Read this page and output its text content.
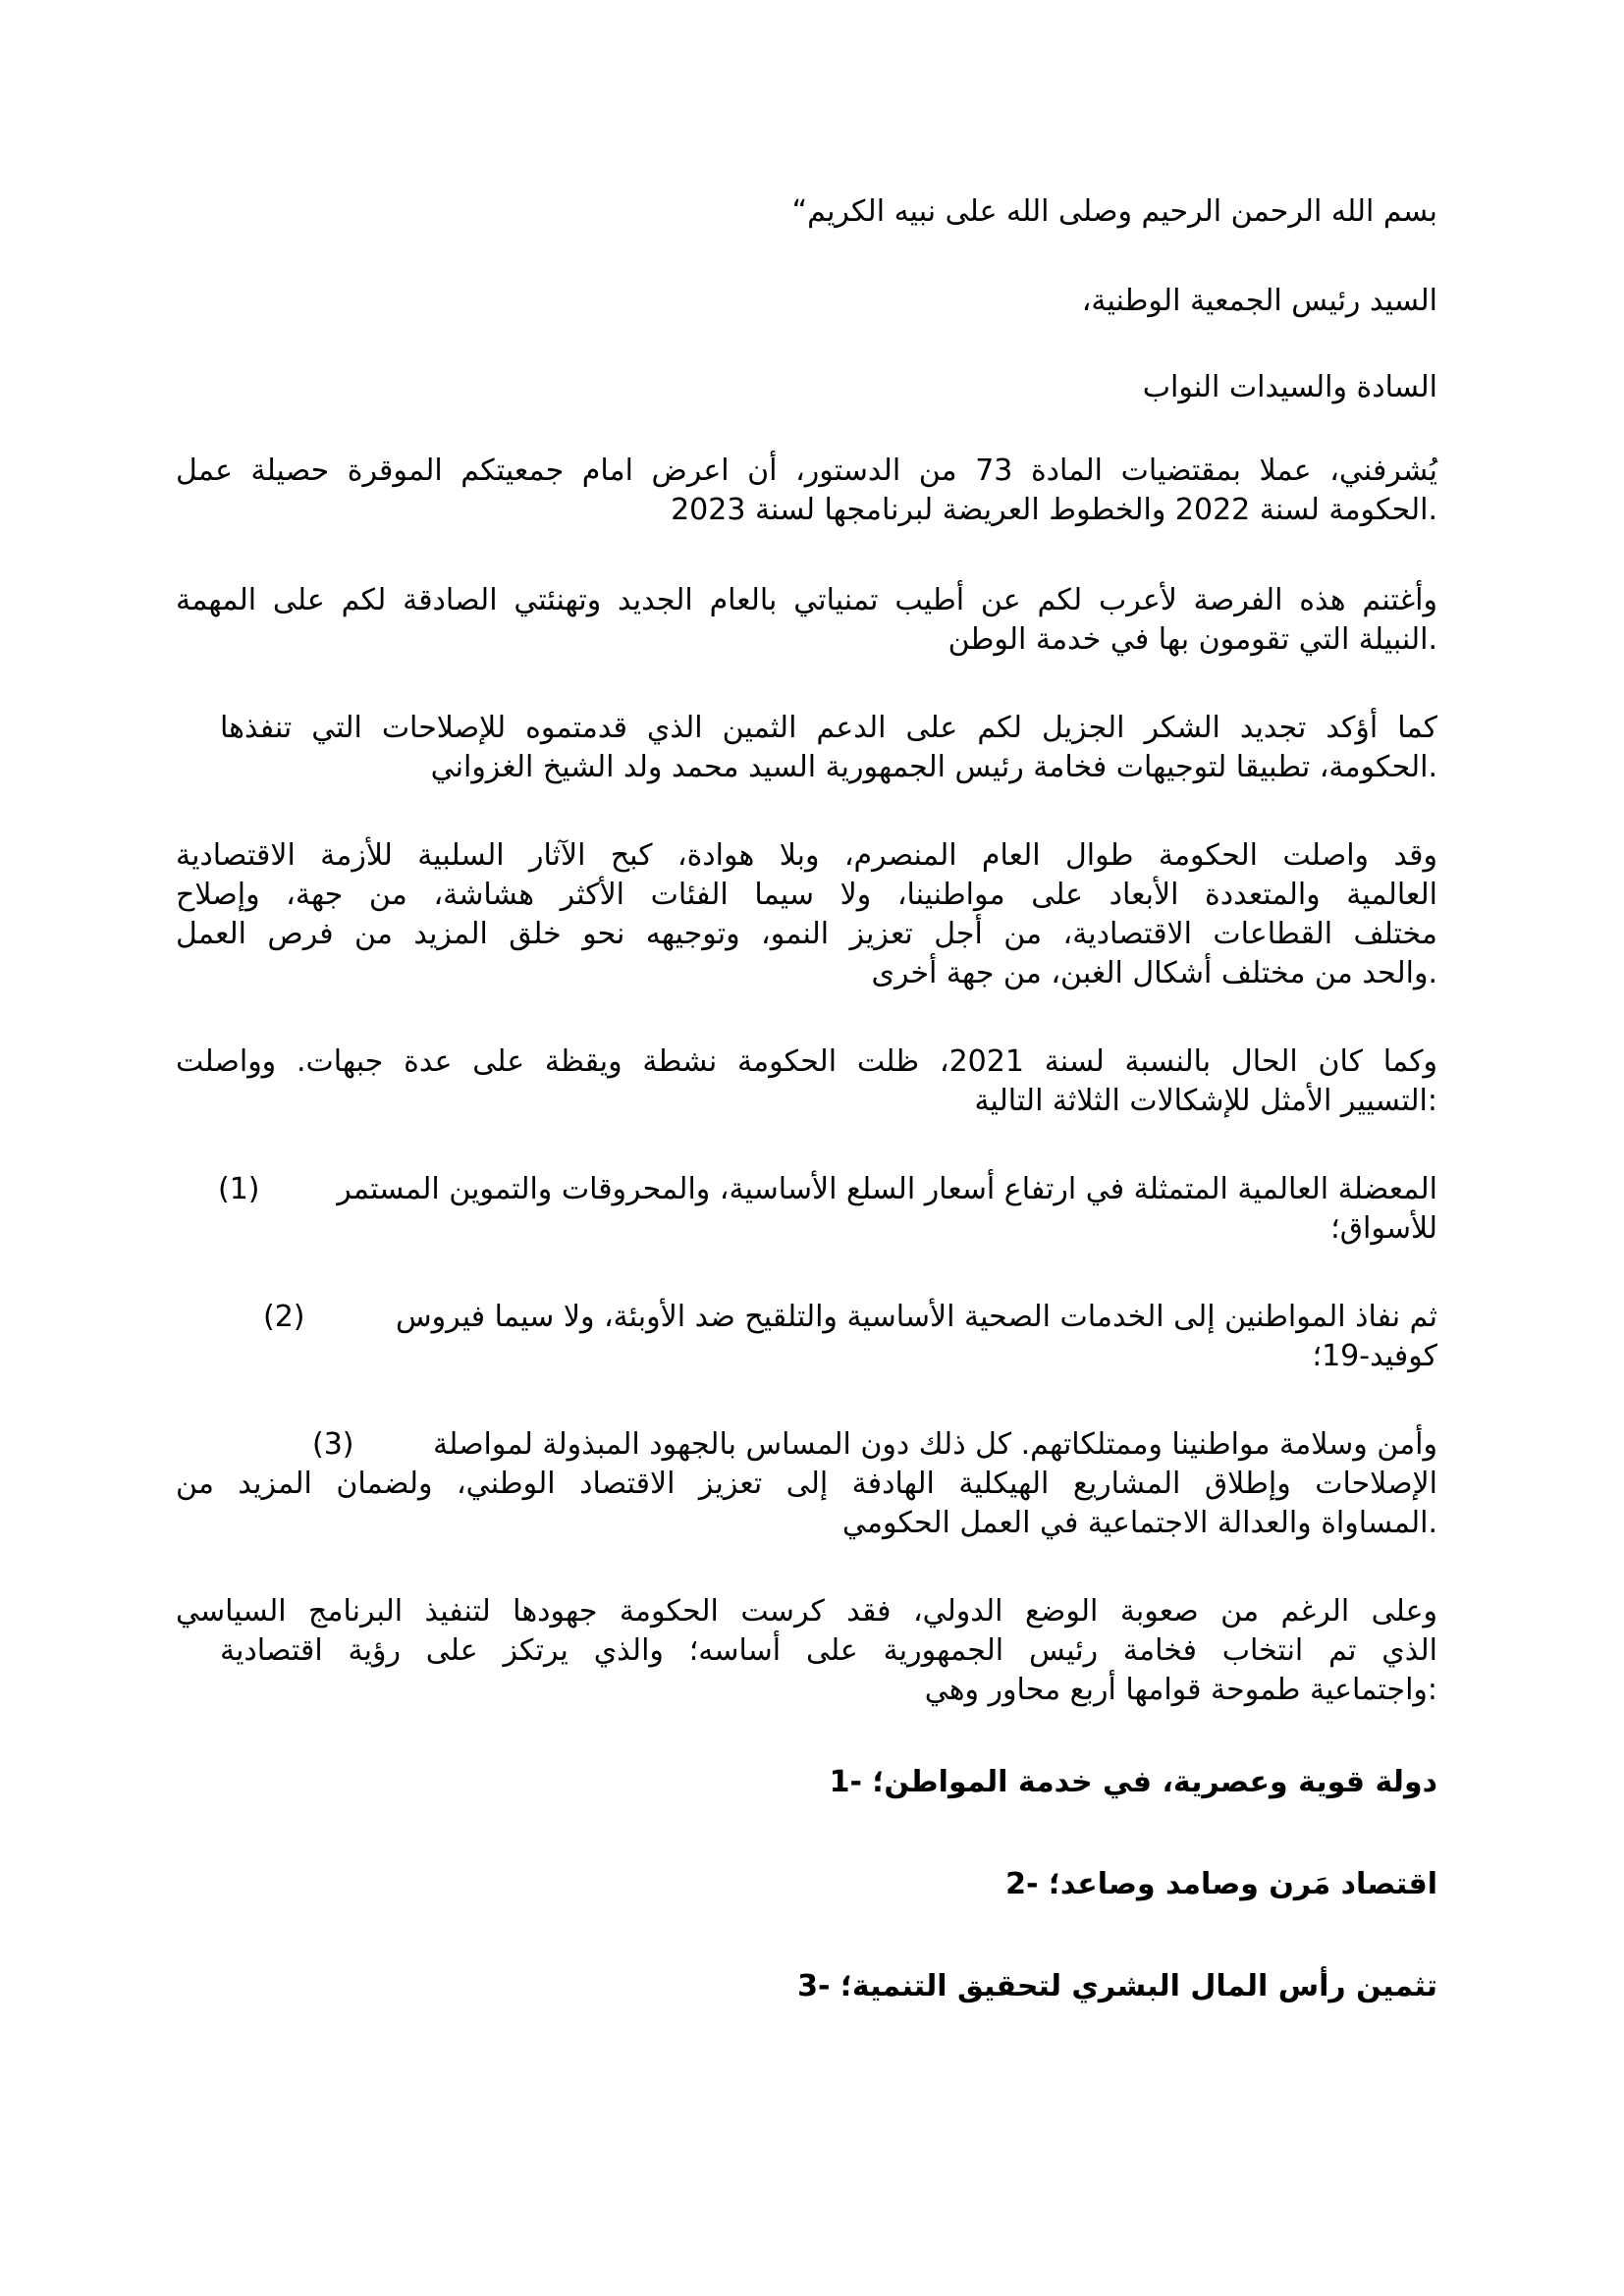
بسم الله الرحمن الرحيم وصلى الله على نبيه الكريم“
السيد رئيس الجمعية الوطنية،
السادة والسيدات النواب
يُشرفني، عملا بمقتضيات المادة 73 من الدستور، أن اعرض امام جمعيتكم الموقرة حصيلة عمل
.الحكومة لسنة 2022 والخطوط العريضة لبرنامجها لسنة 2023
وأغتنم هذه الفرصة لأعرب لكم عن أطيب تمنياتي بالعام الجديد وتهنئتي الصادقة لكم على المهمة
.النبيلة التي تقومون بها في خدمة الوطن
كما أؤكد تجديد الشكر الجزيل لكم على الدعم الثمين الذي قدمتموه للإصلاحات التي تنفذها
.الحكومة، تطبيقا لتوجيهات فخامة رئيس الجمهورية السيد محمد ولد الشيخ الغزواني
وقد واصلت الحكومة طوال العام المنصرم، وبلا هوادة، كبح الآثار السلبية للأزمة الاقتصادية
العالمية والمتعددة الأبعاد على مواطنينا، ولا سيما الفئات الأكثر هشاشة، من جهة، وإصلاح
مختلف القطاعات الاقتصادية، من أجل تعزيز النمو، وتوجيهه نحو خلق المزيد من فرص العمل
.والحد من مختلف أشكال الغبن، من جهة أخرى
وكما كان الحال بالنسبة لسنة 2021، ظلت الحكومة نشطة ويقظة على عدة جبهات. وواصلت
:التسيير الأمثل للإشكالات الثلاثة التالية
المعضلة العالمية المتمثلة في ارتفاع أسعار السلع الأساسية، والمحروقات والتموين المستمر
(1)
للأسواق؛
ثم نفاذ المواطنين إلى الخدمات الصحية الأساسية والتلقيح ضد الأوبئة، ولا سيما فيروس
(2)
كوفيد-19؛
وأمن وسلامة مواطنينا وممتلكاتهم. كل ذلك دون المساس بالجهود المبذولة لمواصلة
(3)
الإصلاحات وإطلاق المشاريع الهيكلية الهادفة إلى تعزيز الاقتصاد الوطني، ولضمان المزيد من
.المساواة والعدالة الاجتماعية في العمل الحكومي
وعلى الرغم من صعوبة الوضع الدولي، فقد كرست الحكومة جهودها لتنفيذ البرنامج السياسي
الذي تم انتخاب فخامة رئيس الجمهورية على أساسه؛ والذي يرتكز على رؤية اقتصادية
:واجتماعية طموحة قوامها أربع محاور وهي
دولة قوية وعصرية، في خدمة المواطن؛ -1
اقتصاد مَرن وصامد وصاعد؛ -2
تثمين رأس المال البشري لتحقيق التنمية؛ -3
